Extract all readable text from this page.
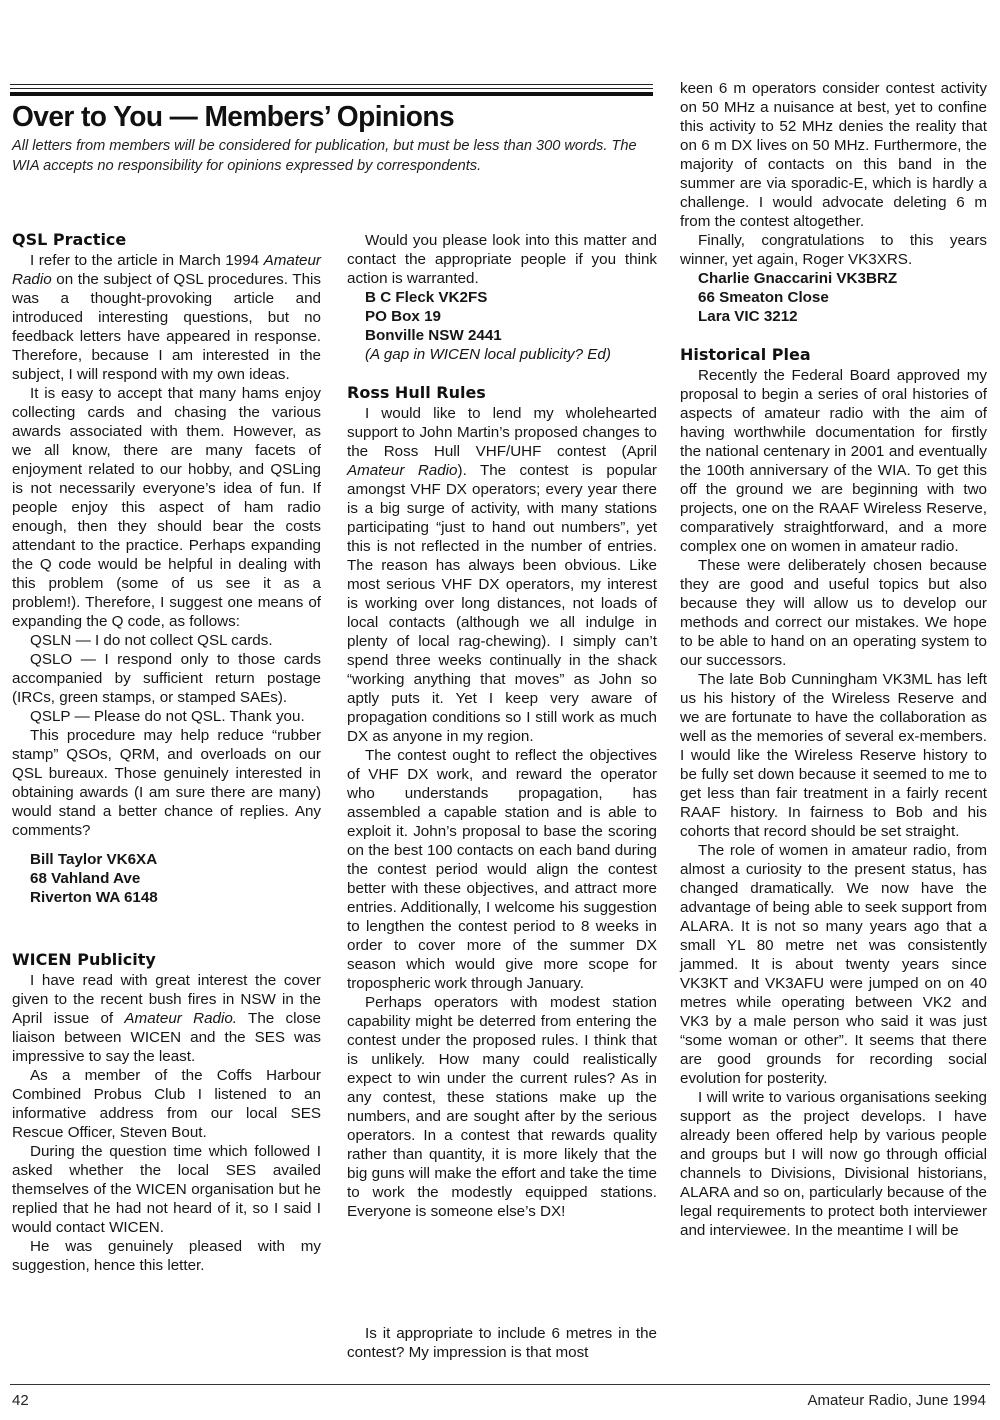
Over to You — Members’ Opinions

All letters from members will be considered for publication, but must be less than 300 words. The WIA accepts no responsibility for opinions expressed by correspondents.

QSL Practice

I refer to the article in March 1994 Amateur Radio on the subject of QSL procedures. This was a thought-provoking article and introduced interesting questions, but no feedback letters have appeared in response. Therefore, because I am interested in the subject, I will respond with my own ideas.

It is easy to accept that many hams enjoy collecting cards and chasing the various awards associated with them. However, as we all know, there are many facets of enjoyment related to our hobby, and QSLing is not necessarily everyone’s idea of fun. If people enjoy this aspect of ham radio enough, then they should bear the costs attendant to the practice. Perhaps expanding the Q code would be helpful in dealing with this problem (some of us see it as a problem!). Therefore, I suggest one means of expanding the Q code, as follows:

QSLN — I do not collect QSL cards.

QSLO — I respond only to those cards accompanied by sufficient return postage (IRCs, green stamps, or stamped SAEs).

QSLP — Please do not QSL. Thank you.

This procedure may help reduce “rubber stamp” QSOs, QRM, and overloads on our QSL bureaux. Those genuinely interested in obtaining awards (I am sure there are many) would stand a better chance of replies. Any comments?

Bill Taylor VK6XA

68 Vahland Ave

Riverton WA 6148

WICEN Publicity

I have read with great interest the cover given to the recent bush fires in NSW in the April issue of Amateur Radio. The close liaison between WICEN and the SES was impressive to say the least.

As a member of the Coffs Harbour Combined Probus Club I listened to an informative address from our local SES Rescue Officer, Steven Bout.

During the question time which followed I asked whether the local SES availed themselves of the WICEN organisation but he replied that he had not heard of it, so I said I would contact WICEN.

He was genuinely pleased with my suggestion, hence this letter.

Would you please look into this matter and contact the appropriate people if you think action is warranted.

B C Fleck VK2FS

PO Box 19

Bonville NSW 2441

(A gap in WICEN local publicity? Ed)

Ross Hull Rules

I would like to lend my wholehearted support to John Martin’s proposed changes to the Ross Hull VHF/UHF contest (April Amateur Radio). The contest is popular amongst VHF DX operators; every year there is a big surge of activity, with many stations participating “just to hand out numbers”, yet this is not reflected in the number of entries. The reason has always been obvious. Like most serious VHF DX operators, my interest is working over long distances, not loads of local contacts (although we all indulge in plenty of local rag-chewing). I simply can’t spend three weeks continually in the shack “working anything that moves” as John so aptly puts it. Yet I keep very aware of propagation conditions so I still work as much DX as anyone in my region.

The contest ought to reflect the objectives of VHF DX work, and reward the operator who understands propagation, has assembled a capable station and is able to exploit it. John’s proposal to base the scoring on the best 100 contacts on each band during the contest period would align the contest better with these objectives, and attract more entries. Additionally, I welcome his suggestion to lengthen the contest period to 8 weeks in order to cover more of the summer DX season which would give more scope for tropospheric work through January.

Perhaps operators with modest station capability might be deterred from entering the contest under the proposed rules. I think that is unlikely. How many could realistically expect to win under the current rules? As in any contest, these stations make up the numbers, and are sought after by the serious operators. In a contest that rewards quality rather than quantity, it is more likely that the big guns will make the effort and take the time to work the modestly equipped stations. Everyone is someone else’s DX!

Is it appropriate to include 6 metres in the contest? My impression is that most

keen 6 m operators consider contest activity on 50 MHz a nuisance at best, yet to confine this activity to 52 MHz denies the reality that on 6 m DX lives on 50 MHz. Furthermore, the majority of contacts on this band in the summer are via sporadic-E, which is hardly a challenge. I would advocate deleting 6 m from the contest altogether.

Finally, congratulations to this years winner, yet again, Roger VK3XRS.

Charlie Gnaccarini VK3BRZ

66 Smeaton Close

Lara VIC 3212

Historical Plea

Recently the Federal Board approved my proposal to begin a series of oral histories of aspects of amateur radio with the aim of having worthwhile documentation for firstly the national centenary in 2001 and eventually the 100th anniversary of the WIA. To get this off the ground we are beginning with two projects, one on the RAAF Wireless Reserve, comparatively straightforward, and a more complex one on women in amateur radio.

These were deliberately chosen because they are good and useful topics but also because they will allow us to develop our methods and correct our mistakes. We hope to be able to hand on an operating system to our successors.

The late Bob Cunningham VK3ML has left us his history of the Wireless Reserve and we are fortunate to have the collaboration as well as the memories of several ex-members. I would like the Wireless Reserve history to be fully set down because it seemed to me to get less than fair treatment in a fairly recent RAAF history. In fairness to Bob and his cohorts that record should be set straight.

The role of women in amateur radio, from almost a curiosity to the present status, has changed dramatically. We now have the advantage of being able to seek support from ALARA. It is not so many years ago that a small YL 80 metre net was consistently jammed. It is about twenty years since VK3KT and VK3AFU were jumped on on 40 metres while operating between VK2 and VK3 by a male person who said it was just “some woman or other”. It seems that there are good grounds for recording social evolution for posterity.

I will write to various organisations seeking support as the project develops. I have already been offered help by various people and groups but I will now go through official channels to Divisions, Divisional historians, ALARA and so on, particularly because of the legal requirements to protect both interviewer and interviewee. In the meantime I will be

42	Amateur Radio, June 1994
